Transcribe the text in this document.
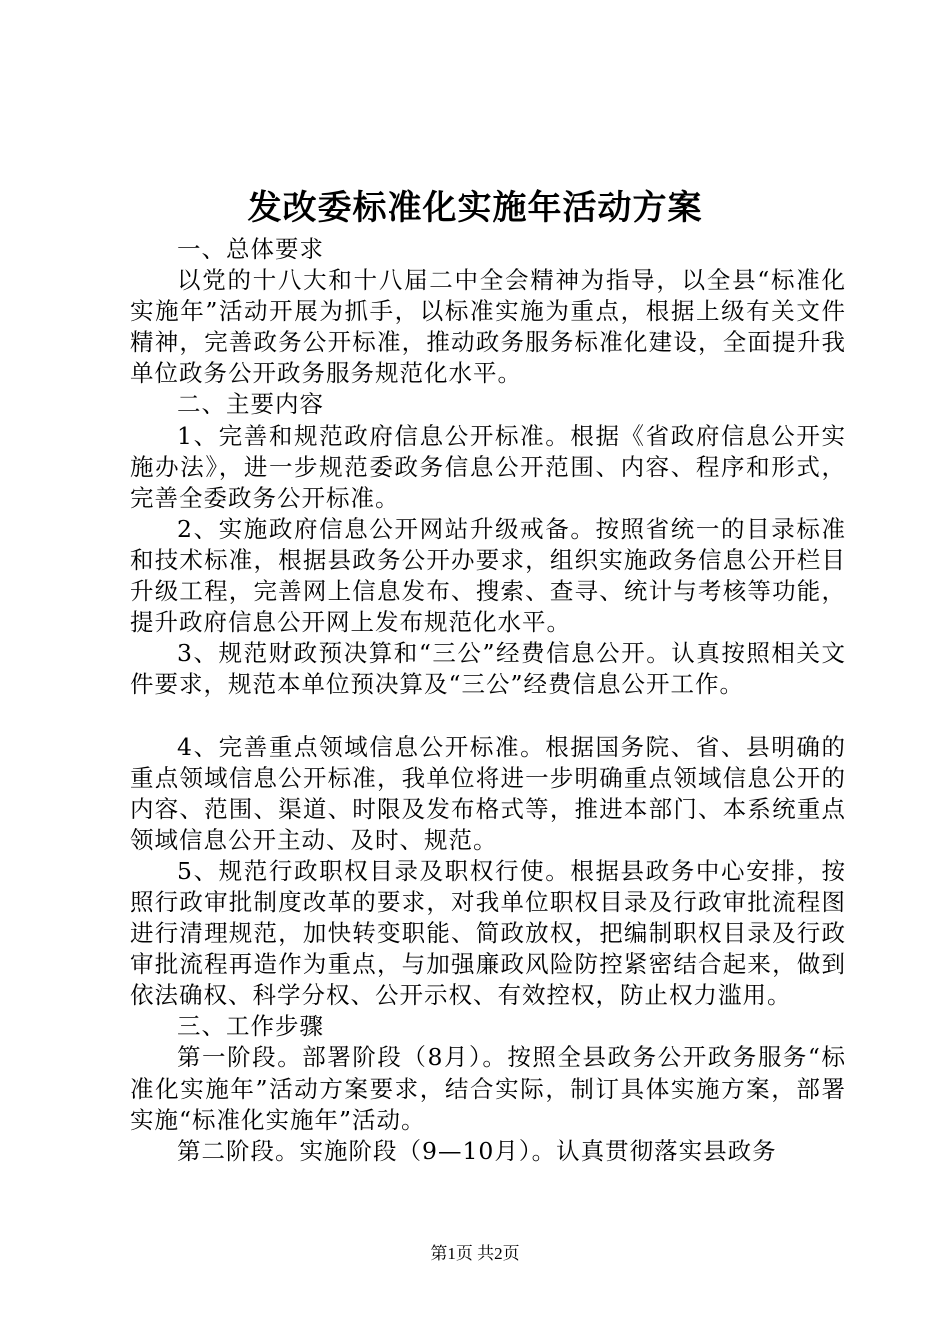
发改委标准化实施年活动方案

一、总体要求

以党的十八大和十八届二中全会精神为指导，以全县“标准化实施年”活动开展为抓手，以标准实施为重点，根据上级有关文件精神，完善政务公开标准，推动政务服务标准化建设，全面提升我单位政务公开政务服务规范化水平。

二、主要内容

1、完善和规范政府信息公开标准。根据《省政府信息公开实施办法》，进一步规范委政务信息公开范围、内容、程序和形式，完善全委政务公开标准。

2、实施政府信息公开网站升级戒备。按照省统一的目录标准和技术标准，根据县政务公开办要求，组织实施政务信息公开栏目升级工程，完善网上信息发布、搜索、查寻、统计与考核等功能，提升政府信息公开网上发布规范化水平。

3、规范财政预决算和“三公”经费信息公开。认真按照相关文件要求，规范本单位预决算及“三公”经费信息公开工作。

4、完善重点领域信息公开标准。根据国务院、省、县明确的重点领域信息公开标准，我单位将进一步明确重点领域信息公开的内容、范围、渠道、时限及发布格式等，推进本部门、本系统重点领域信息公开主动、及时、规范。

5、规范行政职权目录及职权行使。根据县政务中心安排，按照行政审批制度改革的要求，对我单位职权目录及行政审批流程图进行清理规范，加快转变职能、简政放权，把编制职权目录及行政审批流程再造作为重点，与加强廉政风险防控紧密结合起来，做到依法确权、科学分权、公开示权、有效控权，防止权力滥用。

三、工作步骤

第一阶段。部署阶段（8月）。按照全县政务公开政务服务“标准化实施年”活动方案要求，结合实际，制订具体实施方案，部署实施“标准化实施年”活动。

第二阶段。实施阶段（9—10月）。认真贯彻落实县政务

第1页 共2页
